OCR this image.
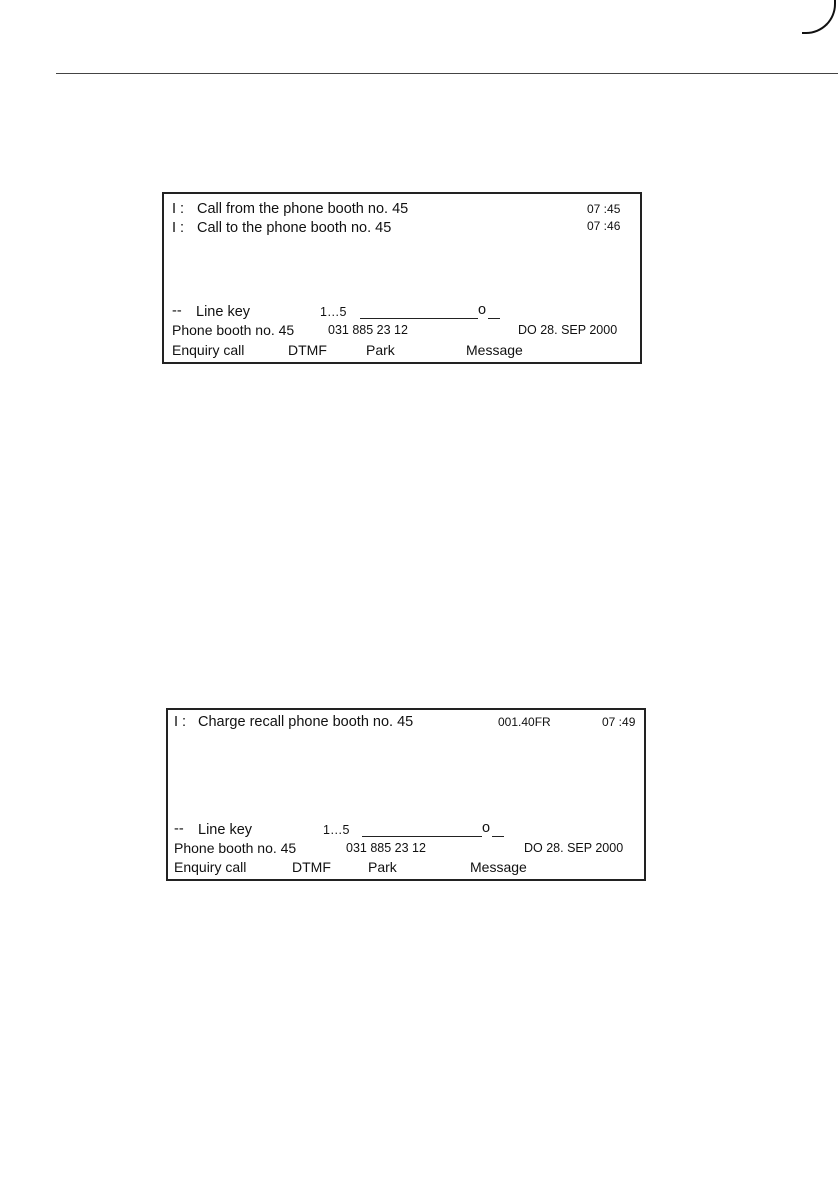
I : Call from the phone booth no. 45	07 :45
I : Call to the phone booth no. 45	07 :46
-- Line key	1…5	o
Phone booth no. 45	031 885 23 12	DO 28. SEP 2000
Enquiry call	DTMF	Park	Message
I : Charge recall phone booth no. 45	001.40FR	07 :49
-- Line key	1…5	o
Phone booth no. 45	031 885 23 12	DO 28. SEP 2000
Enquiry call	DTMF	Park	Message
